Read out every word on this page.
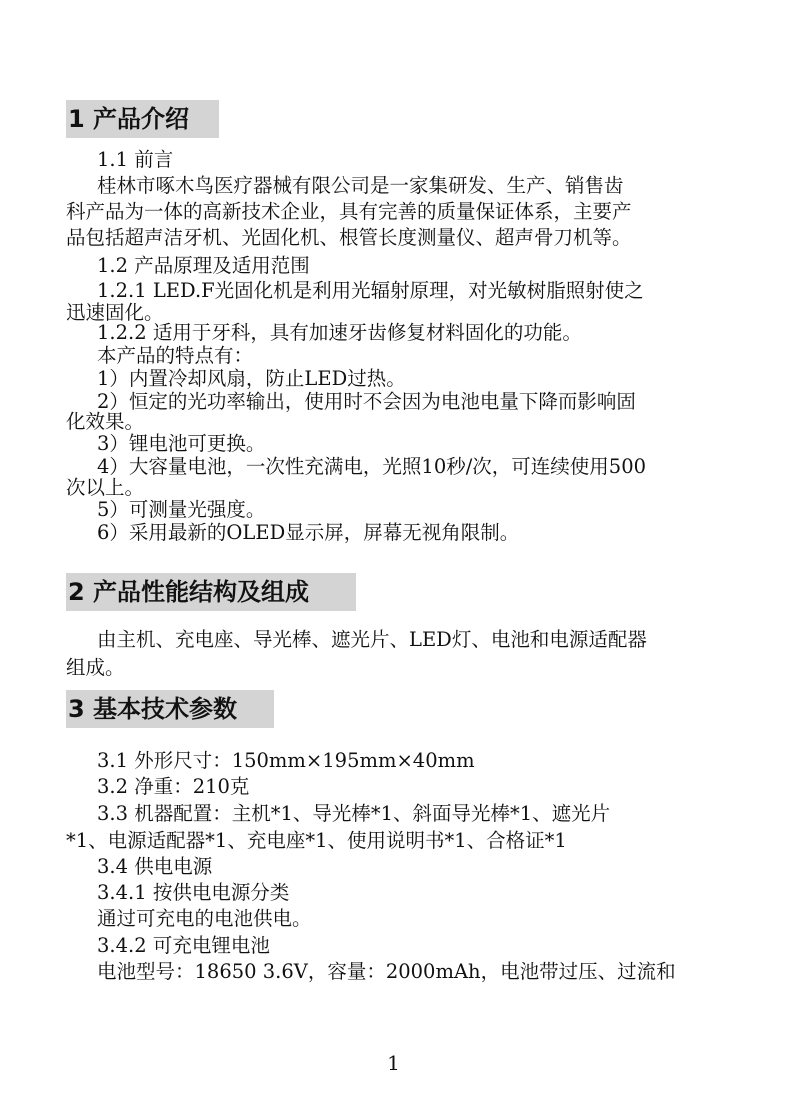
1 产品介绍
1.1 前言
桂林市啄木鸟医疗器械有限公司是一家集研发、生产、销售齿
科产品为一体的高新技术企业，具有完善的质量保证体系，主要产
品包括超声洁牙机、光固化机、根管长度测量仪、超声骨刀机等。
1.2 产品原理及适用范围
1.2.1 LED.F光固化机是利用光辐射原理，对光敏树脂照射使之
迅速固化。
1.2.2 适用于牙科，具有加速牙齿修复材料固化的功能。
本产品的特点有：
1）内置冷却风扇，防止LED过热。
2）恒定的光功率输出，使用时不会因为电池电量下降而影响固
化效果。
3）锂电池可更换。
4）大容量电池，一次性充满电，光照10秒/次，可连续使用500
次以上。
5）可测量光强度。
6）采用最新的OLED显示屏，屏幕无视角限制。
2 产品性能结构及组成
由主机、充电座、导光棒、遮光片、LED灯、电池和电源适配器
组成。
3 基本技术参数
3.1 外形尺寸：150mm×195mm×40mm
3.2 净重：210克
3.3 机器配置：主机*1、导光棒*1、斜面导光棒*1、遮光片
*1、电源适配器*1、充电座*1、使用说明书*1、合格证*1
3.4 供电电源
3.4.1 按供电电源分类
通过可充电的电池供电。
3.4.2 可充电锂电池
电池型号：18650 3.6V，容量：2000mAh，电池带过压、过流和
1
